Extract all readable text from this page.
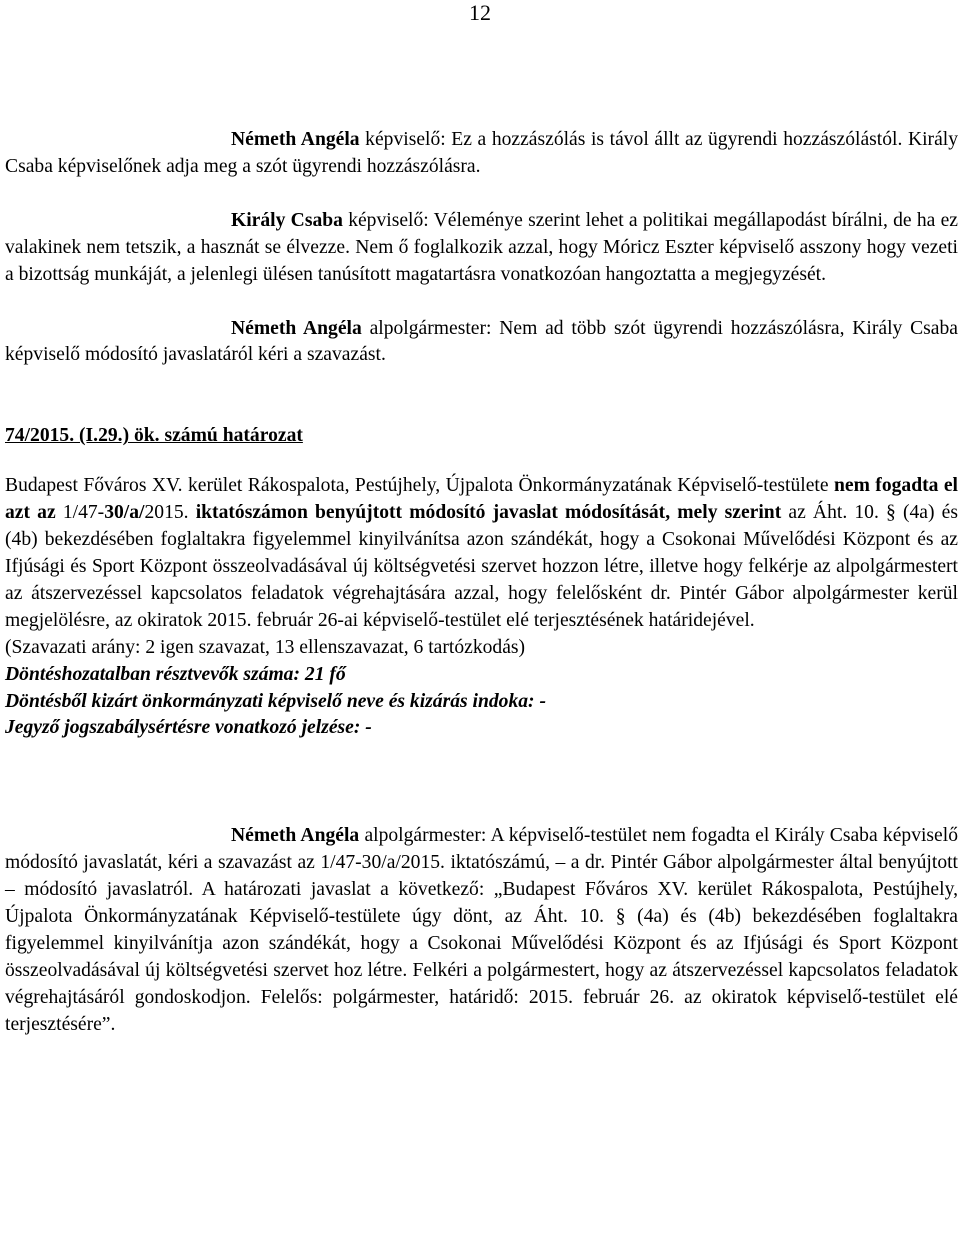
12

Németh Angéla képviselő: Ez a hozzászólás is távol állt az ügyrendi hozzászólástól. Király Csaba képviselőnek adja meg a szót ügyrendi hozzászólásra.

Király Csaba képviselő: Véleménye szerint lehet a politikai megállapodást bírálni, de ha ez valakinek nem tetszik, a hasznát se élvezze. Nem ő foglalkozik azzal, hogy Móricz Eszter képviselő asszony hogy vezeti a bizottság munkáját, a jelenlegi ülésen tanúsított magatartásra vonatkozóan hangoztatta a megjegyzését.

Németh Angéla alpolgármester: Nem ad több szót ügyrendi hozzászólásra, Király Csaba képviselő módosító javaslatáról kéri a szavazást.

74/2015. (I.29.) ök. számú határozat

Budapest Főváros XV. kerület Rákospalota, Pestújhely, Újpalota Önkormányzatának Képviselő-testülete nem fogadta el azt az 1/47-30/a/2015. iktatószámon benyújtott módosító javaslat módosítását, mely szerint az Áht. 10. § (4a) és (4b) bekezdésében foglaltakra figyelemmel kinyilvánítsa azon szándékát, hogy a Csokonai Művelődési Központ és az Ifjúsági és Sport Központ összeolvadásával új költségvetési szervet hozzon létre, illetve hogy felkérje az alpolgármestert az átszervezéssel kapcsolatos feladatok végrehajtására azzal, hogy felelősként dr. Pintér Gábor alpolgármester kerül megjelölésre, az okiratok 2015. február 26-ai képviselő-testület elé terjesztésének határidejével.

(Szavazati arány: 2 igen szavazat, 13 ellenszavazat, 6 tartózkodás)

Döntéshozatalban résztvevők száma: 21 fő

Döntésből kizárt önkormányzati képviselő neve és kizárás indoka: -

Jegyző jogszabálysértésre vonatkozó jelzése: -

Németh Angéla alpolgármester: A képviselő-testület nem fogadta el Király Csaba képviselő módosító javaslatát, kéri a szavazást az 1/47-30/a/2015. iktatószámú, – a dr. Pintér Gábor alpolgármester által benyújtott – módosító javaslatról. A határozati javaslat a következő: „Budapest Főváros XV. kerület Rákospalota, Pestújhely, Újpalota Önkormányzatának Képviselő-testülete úgy dönt, az Áht. 10. § (4a) és (4b) bekezdésében foglaltakra figyelemmel kinyilvánítja azon szándékát, hogy a Csokonai Művelődési Központ és az Ifjúsági és Sport Központ összeolvadásával új költségvetési szervet hoz létre. Felkéri a polgármestert, hogy az átszervezéssel kapcsolatos feladatok végrehajtásáról gondoskodjon. Felelős: polgármester, határidő: 2015. február 26. az okiratok képviselő-testület elé terjesztésére”.
